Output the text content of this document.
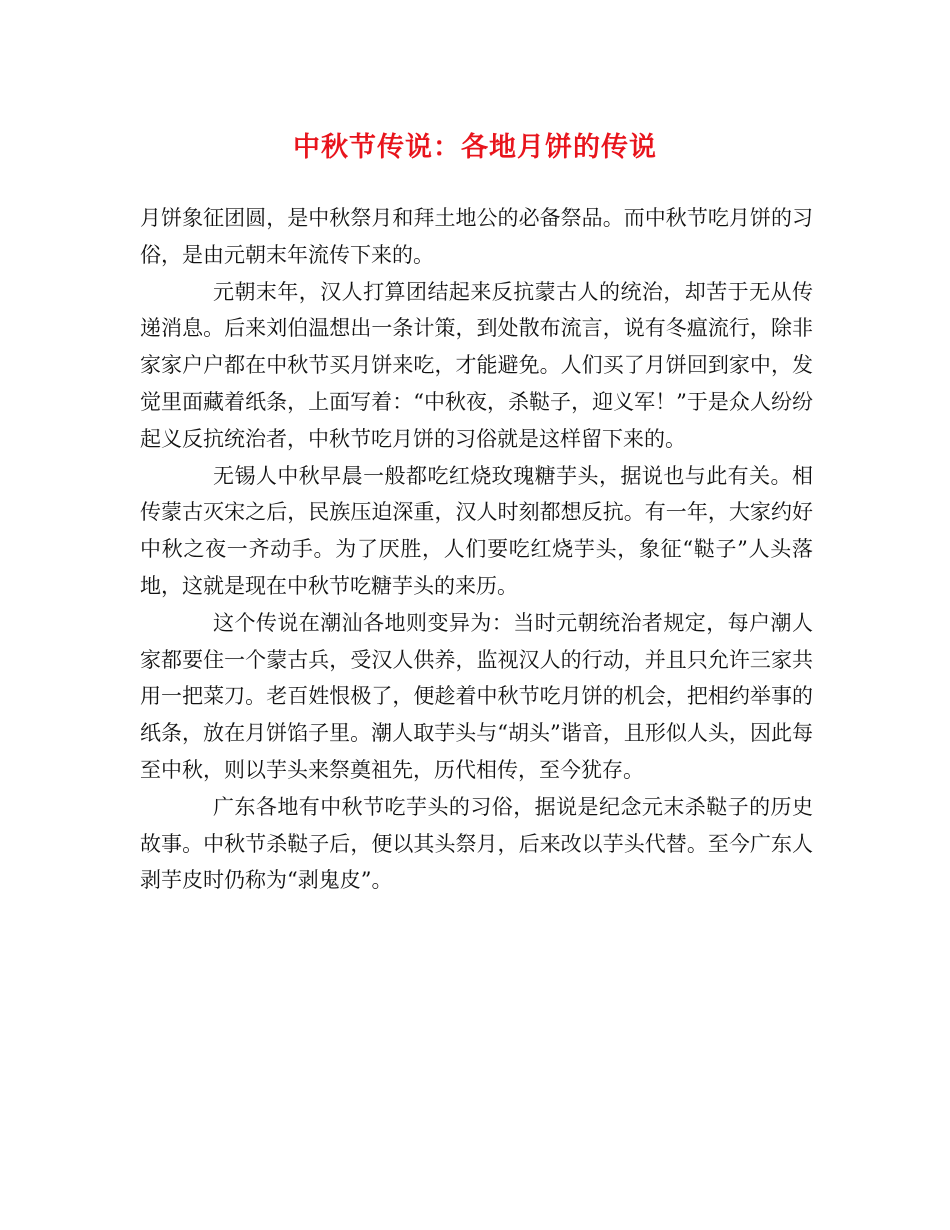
中秋节传说：各地月饼的传说

月饼象征团圆，是中秋祭月和拜土地公的必备祭品。而中秋节吃月饼的习俗，是由元朝末年流传下来的。

元朝末年，汉人打算团结起来反抗蒙古人的统治，却苦于无从传递消息。后来刘伯温想出一条计策，到处散布流言，说有冬瘟流行，除非家家户户都在中秋节买月饼来吃，才能避免。人们买了月饼回到家中，发觉里面藏着纸条，上面写着：“中秋夜，杀鞑子，迎义军！”于是众人纷纷起义反抗统治者，中秋节吃月饼的习俗就是这样留下来的。

无锡人中秋早晨一般都吃红烧玫瑰糖芋头，据说也与此有关。相传蒙古灭宋之后，民族压迫深重，汉人时刻都想反抗。有一年，大家约好中秋之夜一齐动手。为了厌胜，人们要吃红烧芋头，象征“鞑子”人头落地，这就是现在中秋节吃糖芋头的来历。

这个传说在潮汕各地则变异为：当时元朝统治者规定，每户潮人家都要住一个蒙古兵，受汉人供养，监视汉人的行动，并且只允许三家共用一把菜刀。老百姓恨极了，便趁着中秋节吃月饼的机会，把相约举事的纸条，放在月饼馅子里。潮人取芋头与“胡头”谐音，且形似人头，因此每至中秋，则以芋头来祭奠祖先，历代相传，至今犹存。

广东各地有中秋节吃芋头的习俗，据说是纪念元末杀鞑子的历史故事。中秋节杀鞑子后，便以其头祭月，后来改以芋头代替。至今广东人剥芋皮时仍称为“剥鬼皮”。
